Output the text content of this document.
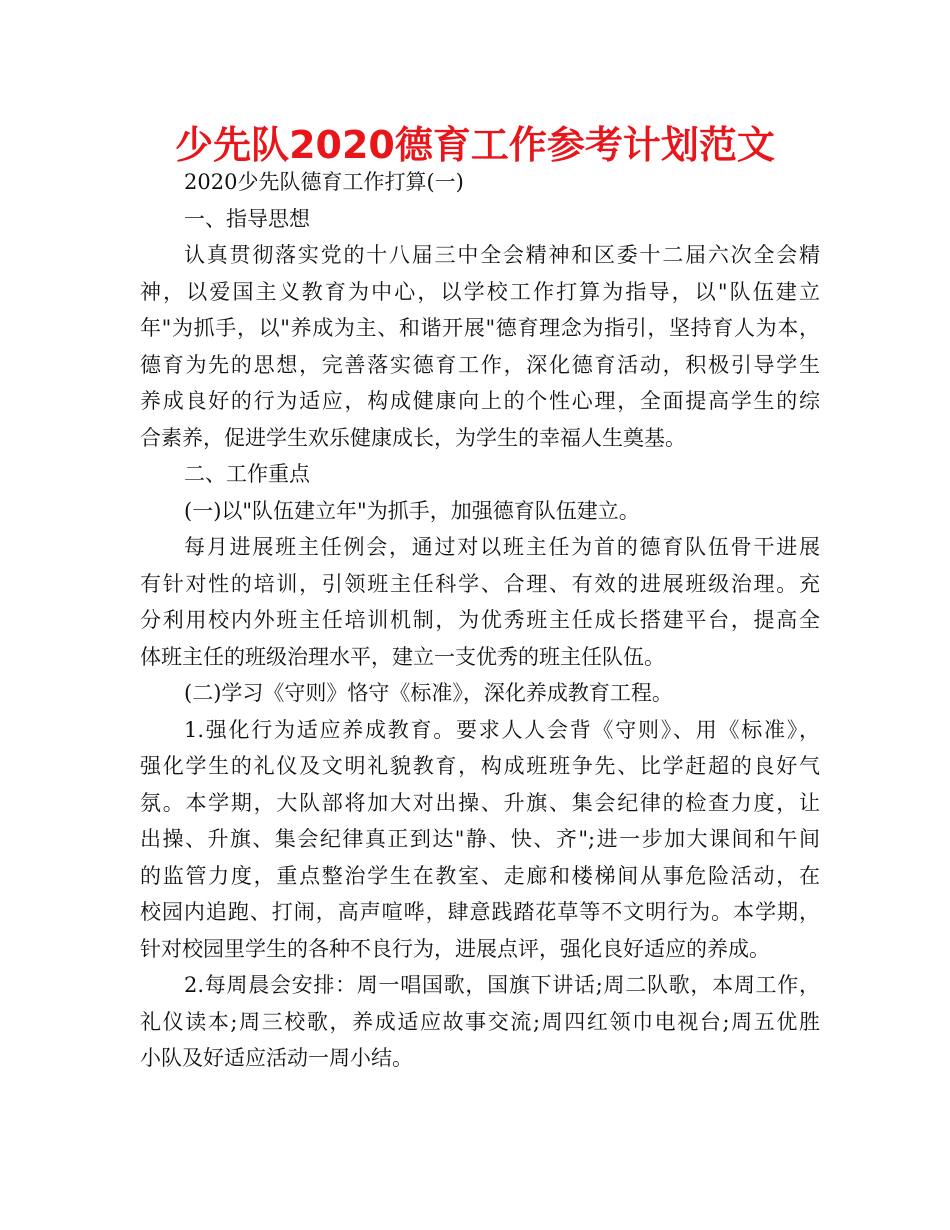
少先队2020德育工作参考计划范文
2020少先队德育工作打算(一)
一、指导思想
认真贯彻落实党的十八届三中全会精神和区委十二届六次全会精
神，以爱国主义教育为中心，以学校工作打算为指导，以"队伍建立
年"为抓手，以"养成为主、和谐开展"德育理念为指引，坚持育人为本，
德育为先的思想，完善落实德育工作，深化德育活动，积极引导学生
养成良好的行为适应，构成健康向上的个性心理，全面提高学生的综
合素养，促进学生欢乐健康成长，为学生的幸福人生奠基。
二、工作重点
(一)以"队伍建立年"为抓手，加强德育队伍建立。
每月进展班主任例会，通过对以班主任为首的德育队伍骨干进展
有针对性的培训，引领班主任科学、合理、有效的进展班级治理。充
分利用校内外班主任培训机制，为优秀班主任成长搭建平台，提高全
体班主任的班级治理水平，建立一支优秀的班主任队伍。
(二)学习《守则》恪守《标准》，深化养成教育工程。
1.强化行为适应养成教育。要求人人会背《守则》、用《标准》，
强化学生的礼仪及文明礼貌教育，构成班班争先、比学赶超的良好气
氛。本学期，大队部将加大对出操、升旗、集会纪律的检查力度，让
出操、升旗、集会纪律真正到达"静、快、齐";进一步加大课间和午间
的监管力度，重点整治学生在教室、走廊和楼梯间从事危险活动，在
校园内追跑、打闹，高声喧哗，肆意践踏花草等不文明行为。本学期，
针对校园里学生的各种不良行为，进展点评，强化良好适应的养成。
2.每周晨会安排：周一唱国歌，国旗下讲话;周二队歌，本周工作，
礼仪读本;周三校歌，养成适应故事交流;周四红领巾电视台;周五优胜
小队及好适应活动一周小结。
